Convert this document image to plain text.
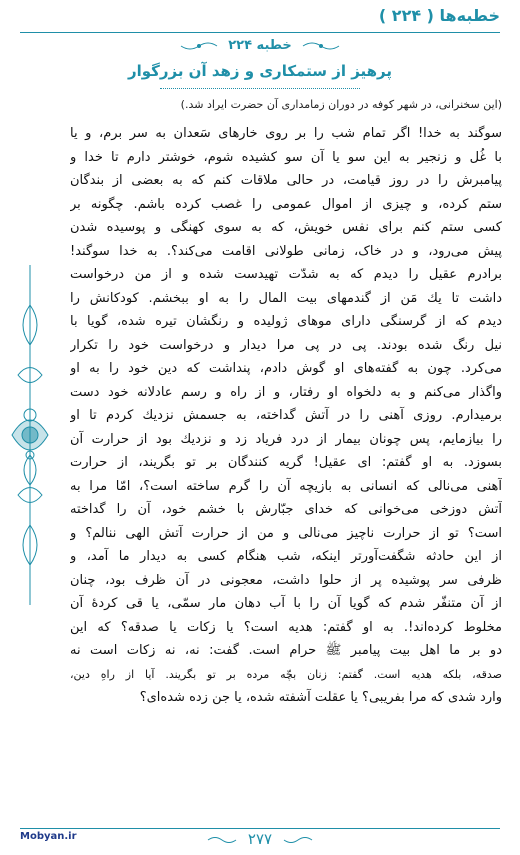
خطبه‌ها ( ۲۲۴ )
خطبه ۲۲۴
پرهیز از ستمکاری و زهد آن بزرگوار
(این سخنرانی، در شهر کوفه در دوران زمامداری آن حضرت ایراد شد.)
سوگند به خدا! اگر تمام شب را بر روی خارهای سَعدان به سر برم، و یا
با غُل و زنجیر به این سو یا آن سو کشیده شوم، خوشتر دارم تا خدا و
پیامبرش را در روز قیامت، در حالی ملاقات کنم که به بعضی از بندگان
ستم کرده، و چیزی از اموال عمومی را غصب کرده باشم. چگونه بر
کسی ستم کنم برای نفس خویش، که به سوی کهنگی و پوسیده شدن
پیش می‌رود، و در خاک، زمانی طولانی اقامت می‌کند؟. به خدا سوگند!
برادرم عقیل را دیدم که به شدّت تهیدست شده و از من درخواست
داشت تا یك مَن از گندمهای بیت المال را به او ببخشم. کودکانش را
دیدم که از گرسنگی دارای موهای ژولیده و رنگشان تیره شده، گویا با
نیل رنگ شده بودند. پی در پی مرا دیدار و درخواست خود را تکرار
می‌کرد. چون به گفته‌های او گوش دادم، پنداشت که دین خود را به او
واگذار می‌کنم و به دلخواه او رفتار، و از راه و رسم عادلانه خود دست
برمیدارم. روزی آهنی را در آتش گداخته، به جسمش نزدیك کردم تا او
را بیازمایم، پس چونان بیمار از درد فریاد زد و نزدیك بود از حرارت آن
بسوزد. به او گفتم: ای عقیل! گریه کنندگان بر تو بگریند، از حرارت
آهنی می‌نالی که انسانی به بازیچه آن را گرم ساخته است؟، امّا مرا به
آتش دوزخی می‌خوانی که خدای جبّارش با خشم خود، آن را گداخته
است؟ تو از حرارت ناچیز می‌نالی و من از حرارت آتش الهی ننالم؟ و
از این حادثه شگفت‌آورتر اینکه، شب هنگام کسی به دیدار ما آمد، و
ظرفی سر پوشیده پر از حلوا داشت، معجونی در آن ظرف بود، چنان
از آن متنفّر شدم که گویا آن را با آب دهان مار سمّی، یا قی کردهٔ آن
مخلوط کرده‌اند!. به او گفتم: هدیه است؟ یا زکات یا صدقه؟ که این
دو بر ما اهل بیت پیامبر ﷺ حرام است. گفت: نه، نه زکات است نه
صدقه، بلکه هدیه است. گفتم: زنان بچّه مرده بر تو بگریند. آیا از راهِ دین،
وارد شدی که مرا بفریبی؟ یا عقلت آشفته شده، یا جن زده شده‌ای؟
Mobyan.ir	۲۷۷
